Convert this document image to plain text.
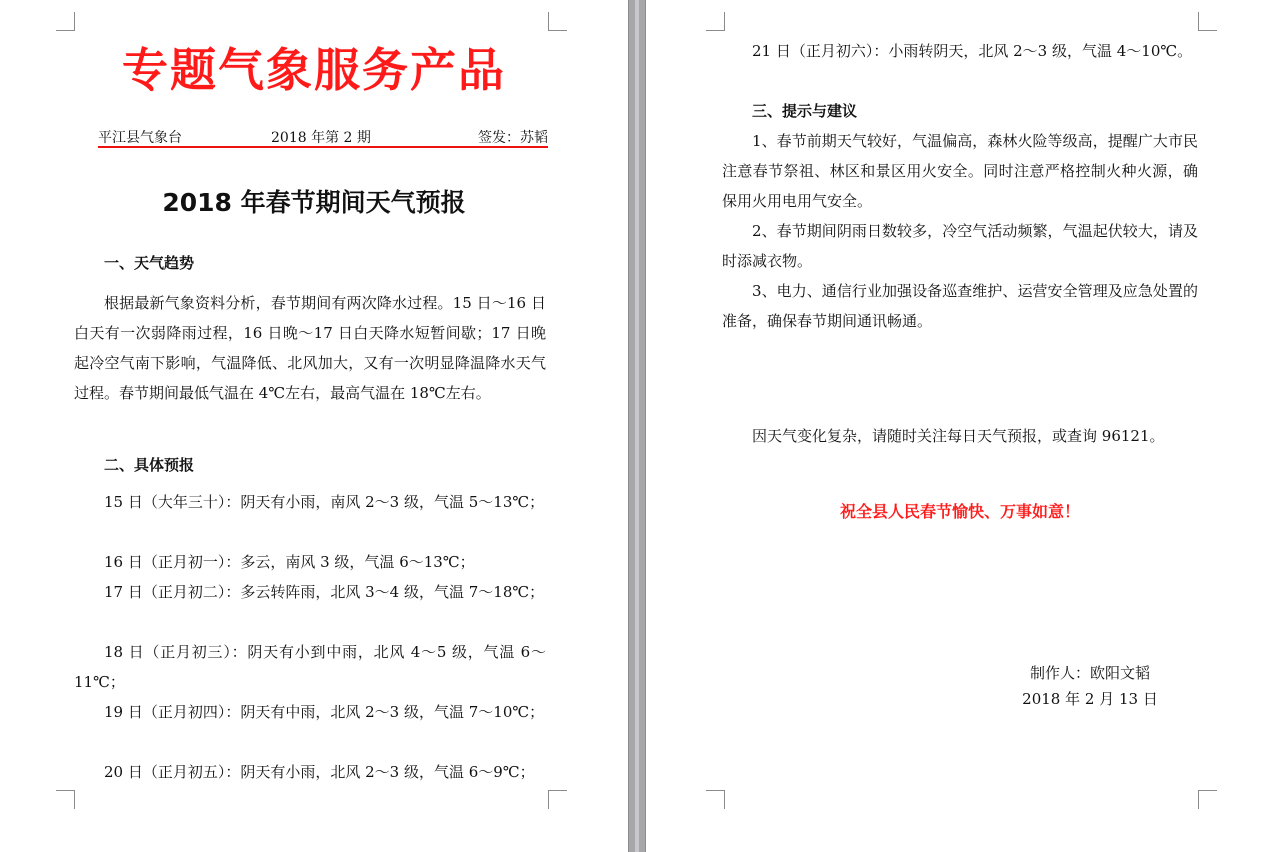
专题气象服务产品
平江县气象台	2018 年第 2 期	签发：苏韬
2018 年春节期间天气预报
一、天气趋势
根据最新气象资料分析，春节期间有两次降水过程。15 日～16 日白天有一次弱降雨过程，16 日晚～17 日白天降水短暂间歇；17 日晚起冷空气南下影响，气温降低、北风加大，又有一次明显降温降水天气过程。春节期间最低气温在 4℃左右，最高气温在 18℃左右。
二、具体预报
15 日（大年三十）：阴天有小雨，南风 2～3 级，气温 5～13℃；
16 日（正月初一）：多云，南风 3 级，气温 6～13℃；
17 日（正月初二）：多云转阵雨，北风 3～4 级，气温 7～18℃；
18 日（正月初三）：阴天有小到中雨，北风 4～5 级，气温 6～11℃；
19 日（正月初四）：阴天有中雨，北风 2～3 级，气温 7～10℃；
20 日（正月初五）：阴天有小雨，北风 2～3 级，气温 6～9℃；
21 日（正月初六）：小雨转阴天，北风 2～3 级，气温 4～10℃。
三、提示与建议
1、春节前期天气较好，气温偏高，森林火险等级高，提醒广大市民注意春节祭祖、林区和景区用火安全。同时注意严格控制火种火源，确保用火用电用气安全。
2、春节期间阴雨日数较多，冷空气活动频繁，气温起伏较大，请及时添减衣物。
3、电力、通信行业加强设备巡查维护、运营安全管理及应急处置的准备，确保春节期间通讯畅通。
因天气变化复杂，请随时关注每日天气预报，或查询 96121。
祝全县人民春节愉快、万事如意！
制作人：欧阳文韬
2018 年 2 月 13 日
